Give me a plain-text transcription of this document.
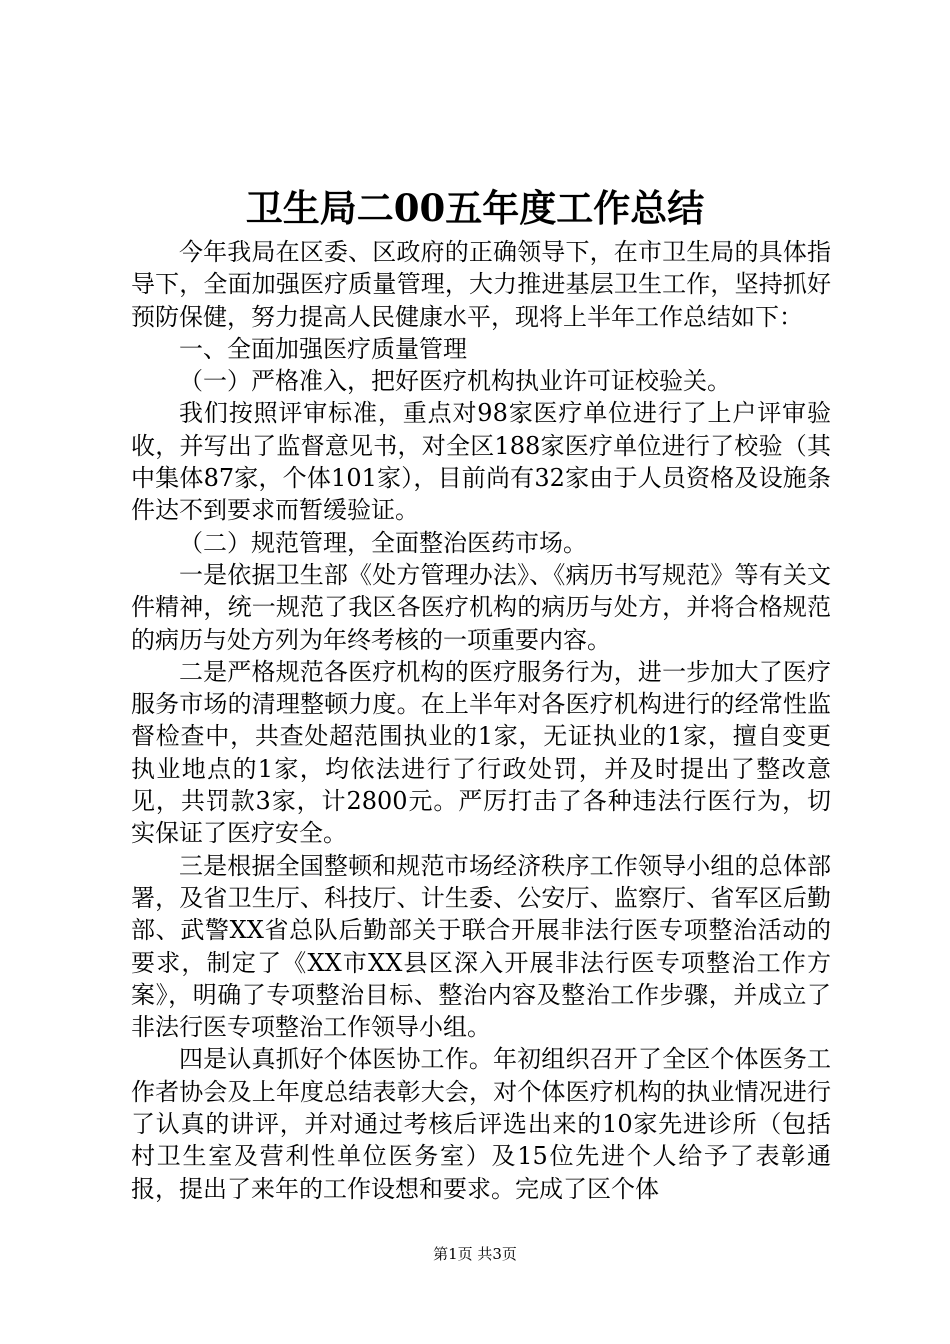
卫生局二00五年度工作总结

今年我局在区委、区政府的正确领导下，在市卫生局的具体指导下，全面加强医疗质量管理，大力推进基层卫生工作，坚持抓好预防保健，努力提高人民健康水平，现将上半年工作总结如下：

一、全面加强医疗质量管理

（一）严格准入，把好医疗机构执业许可证校验关。

我们按照评审标准，重点对98家医疗单位进行了上户评审验收，并写出了监督意见书，对全区188家医疗单位进行了校验（其中集体87家，个体101家），目前尚有32家由于人员资格及设施条件达不到要求而暂缓验证。

（二）规范管理，全面整治医药市场。

一是依据卫生部《处方管理办法》、《病历书写规范》等有关文件精神，统一规范了我区各医疗机构的病历与处方，并将合格规范的病历与处方列为年终考核的一项重要内容。

二是严格规范各医疗机构的医疗服务行为，进一步加大了医疗服务市场的清理整顿力度。在上半年对各医疗机构进行的经常性监督检查中，共查处超范围执业的1家，无证执业的1家，擅自变更执业地点的1家，均依法进行了行政处罚，并及时提出了整改意见，共罚款3家，计2800元。严厉打击了各种违法行医行为，切实保证了医疗安全。

三是根据全国整顿和规范市场经济秩序工作领导小组的总体部署，及省卫生厅、科技厅、计生委、公安厅、监察厅、省军区后勤部、武警XX省总队后勤部关于联合开展非法行医专项整治活动的要求，制定了《XX市XX县区深入开展非法行医专项整治工作方案》，明确了专项整治目标、整治内容及整治工作步骤，并成立了非法行医专项整治工作领导小组。

四是认真抓好个体医协工作。年初组织召开了全区个体医务工作者协会及上年度总结表彰大会，对个体医疗机构的执业情况进行了认真的讲评，并对通过考核后评选出来的10家先进诊所（包括村卫生室及营利性单位医务室）及15位先进个人给予了表彰通报，提出了来年的工作设想和要求。完成了区个体

第1页 共3页
